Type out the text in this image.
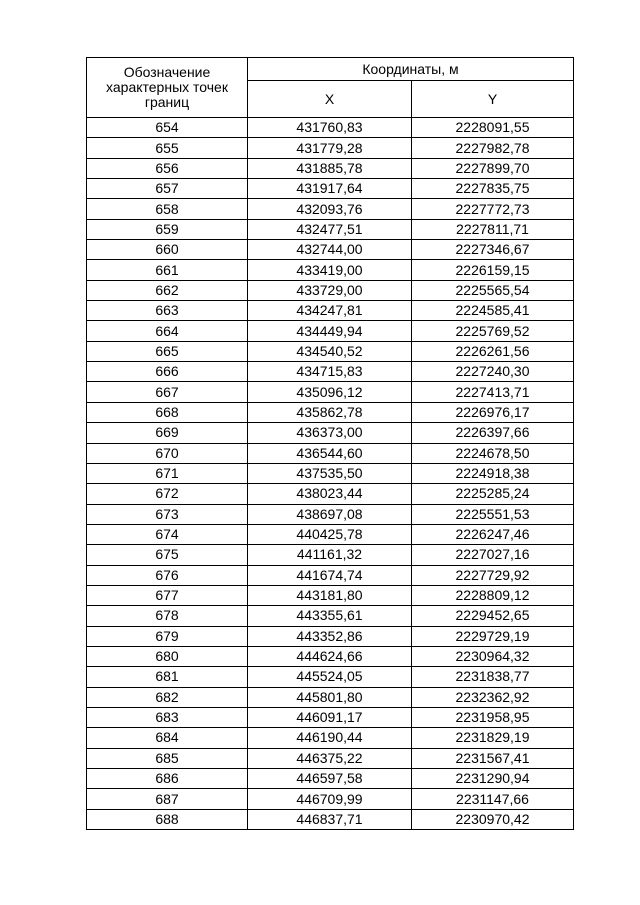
Обозначение характерных точек границ	Координаты, м	
	X	Y
654	431760,83	2228091,55
655	431779,28	2227982,78
656	431885,78	2227899,70
657	431917,64	2227835,75
658	432093,76	2227772,73
659	432477,51	2227811,71
660	432744,00	2227346,67
661	433419,00	2226159,15
662	433729,00	2225565,54
663	434247,81	2224585,41
664	434449,94	2225769,52
665	434540,52	2226261,56
666	434715,83	2227240,30
667	435096,12	2227413,71
668	435862,78	2226976,17
669	436373,00	2226397,66
670	436544,60	2224678,50
671	437535,50	2224918,38
672	438023,44	2225285,24
673	438697,08	2225551,53
674	440425,78	2226247,46
675	441161,32	2227027,16
676	441674,74	2227729,92
677	443181,80	2228809,12
678	443355,61	2229452,65
679	443352,86	2229729,19
680	444624,66	2230964,32
681	445524,05	2231838,77
682	445801,80	2232362,92
683	446091,17	2231958,95
684	446190,44	2231829,19
685	446375,22	2231567,41
686	446597,58	2231290,94
687	446709,99	2231147,66
688	446837,71	2230970,42
